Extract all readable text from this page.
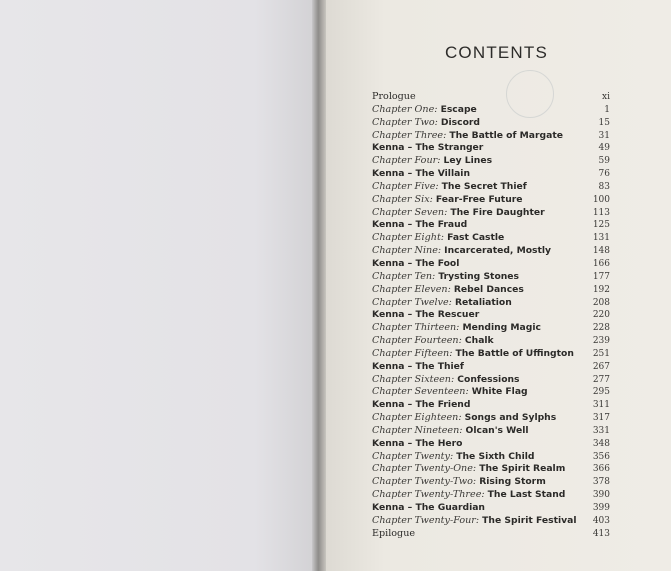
CONTENTS
Prologue	xi
Chapter One: Escape	1
Chapter Two: Discord	15
Chapter Three: The Battle of Margate	31
Kenna – The Stranger	49
Chapter Four: Ley Lines	59
Kenna – The Villain	76
Chapter Five: The Secret Thief	83
Chapter Six: Fear-Free Future	100
Chapter Seven: The Fire Daughter	113
Kenna – The Fraud	125
Chapter Eight: Fast Castle	131
Chapter Nine: Incarcerated, Mostly	148
Kenna – The Fool	166
Chapter Ten: Trysting Stones	177
Chapter Eleven: Rebel Dances	192
Chapter Twelve: Retaliation	208
Kenna – The Rescuer	220
Chapter Thirteen: Mending Magic	228
Chapter Fourteen: Chalk	239
Chapter Fifteen: The Battle of Uffington 251
Kenna – The Thief	267
Chapter Sixteen: Confessions	277
Chapter Seventeen: White Flag	295
Kenna – The Friend	311
Chapter Eighteen: Songs and Sylphs	317
Chapter Nineteen: Olcan's Well	331
Kenna – The Hero	348
Chapter Twenty: The Sixth Child	356
Chapter Twenty-One: The Spirit Realm	366
Chapter Twenty-Two: Rising Storm	378
Chapter Twenty-Three: The Last Stand	390
Kenna – The Guardian	399
Chapter Twenty-Four: The Spirit Festival 403
Epilogue	413
